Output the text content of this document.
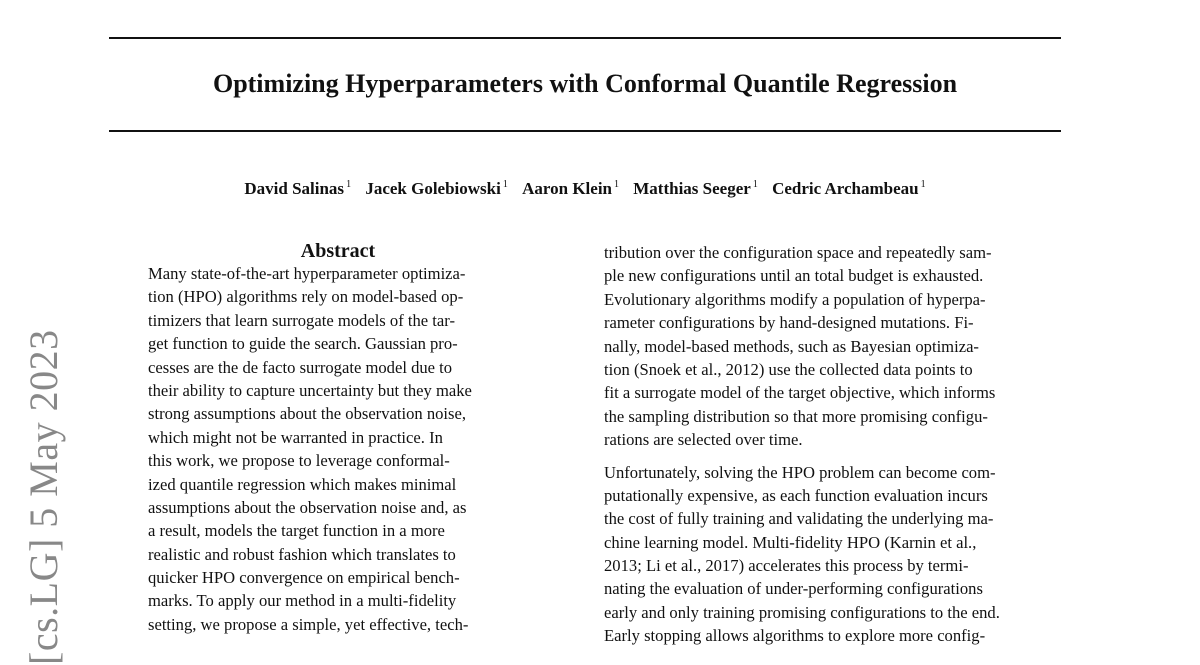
Optimizing Hyperparameters with Conformal Quantile Regression
David Salinas $^1$ Jacek Golebiowski $^1$ Aaron Klein $^1$ Matthias Seeger $^1$ Cedric Archambeau $^1$
[cs.LG] 5 May 2023
Abstract
Many state-of-the-art hyperparameter optimiza-
tion (HPO) algorithms rely on model-based op-
timizers that learn surrogate models of the tar-
get function to guide the search. Gaussian pro-
cesses are the de facto surrogate model due to
their ability to capture uncertainty but they make
strong assumptions about the observation noise,
which might not be warranted in practice. In
this work, we propose to leverage conformal-
ized quantile regression which makes minimal
assumptions about the observation noise and, as
a result, models the target function in a more
realistic and robust fashion which translates to
quicker HPO convergence on empirical bench-
marks. To apply our method in a multi-fidelity
setting, we propose a simple, yet effective, tech-
tribution over the configuration space and repeatedly sam-
ple new configurations until an total budget is exhausted.
Evolutionary algorithms modify a population of hyperpa-
rameter configurations by hand-designed mutations. Fi-
nally, model-based methods, such as Bayesian optimiza-
tion (Snoek et al., 2012) use the collected data points to
fit a surrogate model of the target objective, which informs
the sampling distribution so that more promising configu-
rations are selected over time.
Unfortunately, solving the HPO problem can become com-
putationally expensive, as each function evaluation incurs
the cost of fully training and validating the underlying ma-
chine learning model. Multi-fidelity HPO (Karnin et al.,
2013; Li et al., 2017) accelerates this process by termi-
nating the evaluation of under-performing configurations
early and only training promising configurations to the end.
Early stopping allows algorithms to explore more config-
